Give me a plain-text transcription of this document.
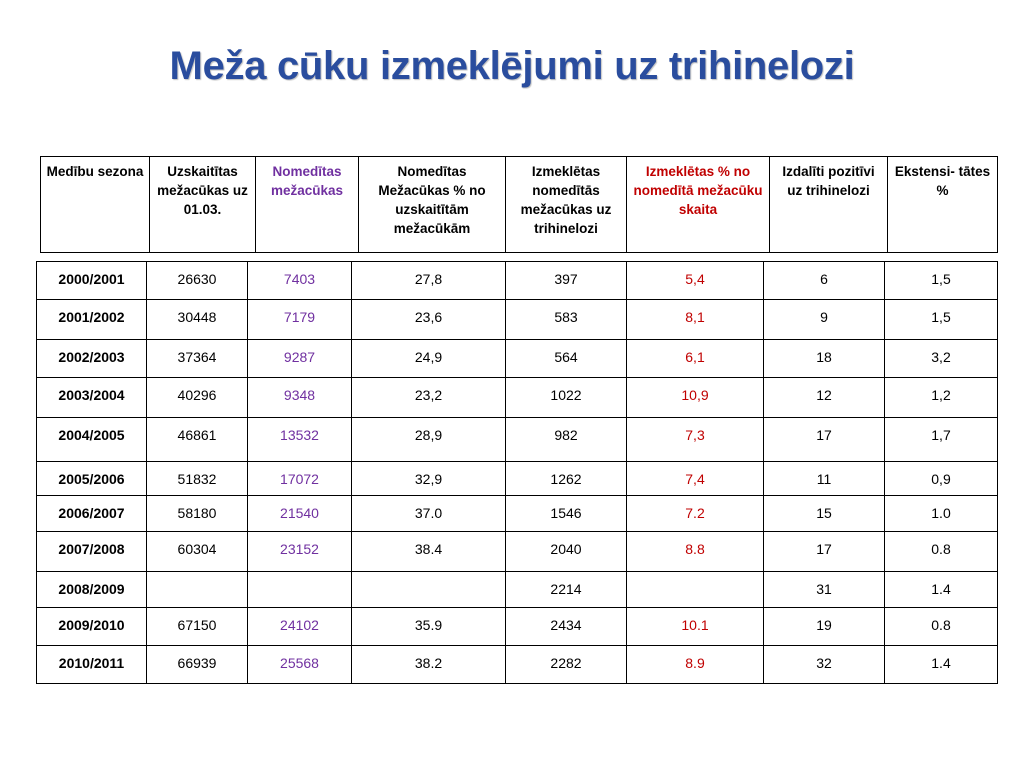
Meža cūku izmeklējumi uz trihinelozi
Medību sezona	Uzskaitītas mežacūkas uz 01.03.	Nomedītas mežacūkas	Nomedītas Mežacūkas % no uzskaitītām mežacūkām	Izmeklētas nomedītās mežacūkas uz trihinelozi	Izmeklētas % no nomedītā mežacūku skaita	Izdalīti pozitīvi uz trihinelozi	Ekstensi- tātes %
2000/2001	26630	7403	27,8	397	5,4	6	1,5
2001/2002	30448	7179	23,6	583	8,1	9	1,5
2002/2003	37364	9287	24,9	564	6,1	18	3,2
2003/2004	40296	9348	23,2	1022	10,9	12	1,2
2004/2005	46861	13532	28,9	982	7,3	17	1,7
2005/2006	51832	17072	32,9	1262	7,4	11	0,9
2006/2007	58180	21540	37.0	1546	7.2	15	1.0
2007/2008	60304	23152	38.4	2040	8.8	17	0.8
2008/2009				2214		31	1.4
2009/2010	67150	24102	35.9	2434	10.1	19	0.8
2010/2011	66939	25568	38.2	2282	8.9	32	1.4
